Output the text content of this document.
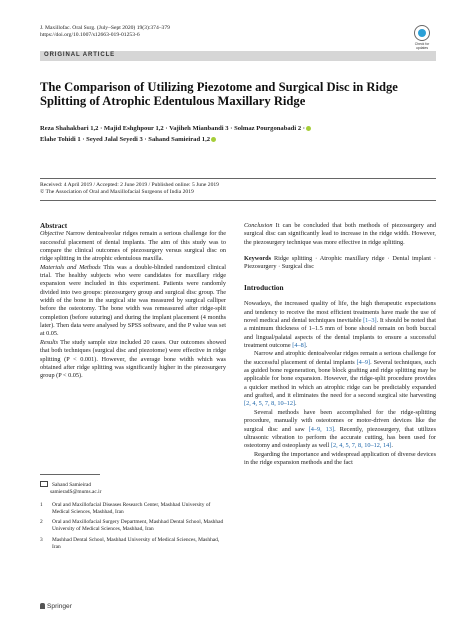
J. Maxillofac. Oral Surg. (July–Sept 2020) 19(3):374–379
https://doi.org/10.1007/s12663-019-01253-6
Check for
updates
ORIGINAL ARTICLE
The Comparison of Utilizing Piezotome and Surgical Disc in Ridge Splitting of Atrophic Edentulous Maxillary Ridge
Reza Shahakbari 1,2 · Majid Eshghpour 1,2 · Vajiheh Mianbandi 3 · Solmaz Pourgonabadi 2 ·
Elahe Tohidi 1 · Seyed Jalal Seyedi 3 · Sahand Samieirad 1,2
Received: 4 April 2019 / Accepted: 2 June 2019 / Published online: 5 June 2019
© The Association of Oral and Maxillofacial Surgeons of India 2019
Abstract

Objective Narrow dentoalveolar ridges remain a serious challenge for the successful placement of dental implants. The aim of this study was to compare the clinical outcomes of piezosurgery versus surgical disc on ridge splitting in the atrophic edentulous maxilla.

Materials and Methods This was a double-blinded randomized clinical trial. The healthy subjects who were candidates for maxillary ridge expansion were included in this experiment. Patients were randomly divided into two groups: piezosurgery group and surgical disc group. The width of the bone in the surgical site was measured by surgical calliper before the osteotomy. The bone width was remeasured after ridge-split completion (before suturing) and during the implant placement (4 months later). Then data were analysed by SPSS software, and the P value was set at 0.05.

Results The study sample size included 20 cases. Our outcomes showed that both techniques (surgical disc and piezotome) were effective in ridge splitting (P < 0.001). However, the average bone width which was obtained after ridge splitting was significantly higher in the piezosurgery group (P < 0.05).

Sahand Samieirad
samieradS@mums.ac.ir
1 Oral and Maxillofacial Diseases Research Center, Mashhad University of Medical Sciences, Mashhad, Iran
2 Oral and Maxillofacial Surgery Department, Mashhad Dental School, Mashhad University of Medical Sciences, Mashhad, Iran
3 Mashhad Dental School, Mashhad University of Medical Sciences, Mashhad, Iran
Springer

Conclusion It can be concluded that both methods of piezosurgery and surgical disc can significantly lead to increase in the ridge width. However, the piezosurgery technique was more effective in ridge splitting.

Keywords Ridge splitting · Atrophic maxillary ridge · Dental implant · Piezosurgery · Surgical disc

Introduction

Nowadays, the increased quality of life, the high therapeutic expectations and tendency to receive the most efficient treatments have made the use of novel medical and dental techniques inevitable [1–3]. It should be noted that a minimum thickness of 1–1.5 mm of bone should remain on both buccal and lingual/palatal aspects of the dental implants to ensure a successful treatment outcome [4–8].

Narrow and atrophic dentoalveolar ridges remain a serious challenge for the successful placement of dental implants [4–9]. Several techniques, such as guided bone regeneration, bone block grafting and ridge splitting may be applicable for bone expansion. However, the ridge-split procedure provides a quicker method in which an atrophic ridge can be predictably expanded and grafted, and it eliminates the need for a second surgical site harvesting [2, 4, 5, 7, 8, 10–12].

Several methods have been accomplished for the ridge-splitting procedure, manually with osteotomes or motor-driven devices like the surgical disc and saw [4–9, 13]. Recently, piezosurgery, that utilizes ultrasonic vibration to perform the accurate cutting, has been used for osteotomy and osteoplasty as well [2, 4, 5, 7, 8, 10–12, 14].

Regarding the importance and widespread application of diverse devices in the ridge expansion methods and the fact
